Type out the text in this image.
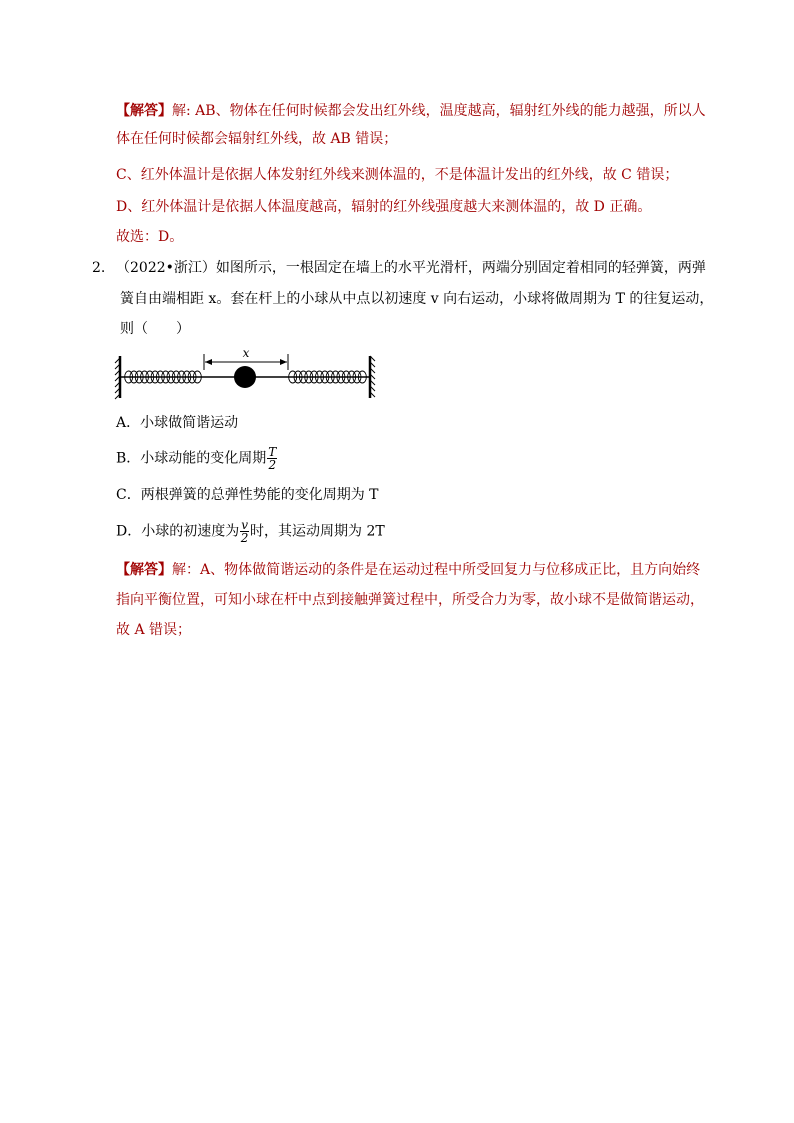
【解答】解: AB、物体在任何时候都会发出红外线，温度越高，辐射红外线的能力越强，所以人
体在任何时候都会辐射红外线，故 AB 错误；
C、红外体温计是依据人体发射红外线来测体温的，不是体温计发出的红外线，故 C 错误；
D、红外体温计是依据人体温度越高，辐射的红外线强度越大来测体温的，故 D 正确。
故选：D。
2. （2022•浙江）如图所示，一根固定在墙上的水平光滑杆，两端分别固定着相同的轻弹簧，两弹
簧自由端相距 x。套在杆上的小球从中点以初速度 v 向右运动，小球将做周期为 T 的往复运动，
则（　　）
x
A．小球做简谐运动
B．小球动能的变化周期 $\frac{T}{2}$
C．两根弹簧的总弹性势能的变化周期为 T
D．小球的初速度为 $\frac{v}{2}$ 时，其运动周期为 2T
【解答】解：A、物体做简谐运动的条件是在运动过程中所受回复力与位移成正比，且方向始终
指向平衡位置，可知小球在杆中点到接触弹簧过程中，所受合力为零，故小球不是做简谐运动，
故 A 错误；
